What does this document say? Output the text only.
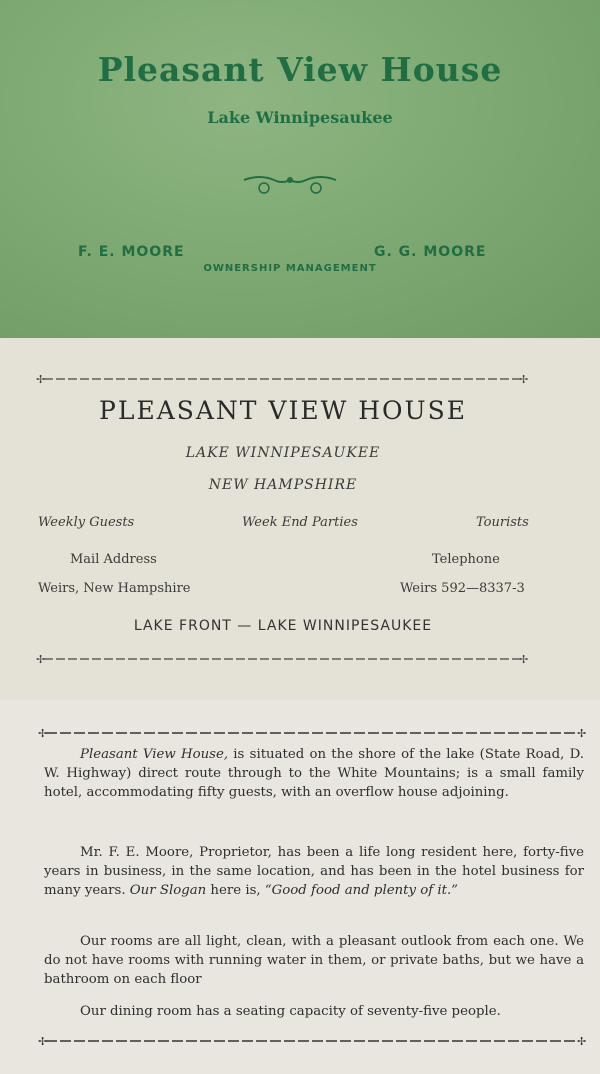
Pleasant View House
Lake Winnipesaukee
F. E. MOORE	G. G. MOORE
OWNERSHIP MANAGEMENT
✢	✢
PLEASANT VIEW HOUSE
LAKE WINNIPESAUKEE
NEW HAMPSHIRE
Weekly Guests	Week End Parties	Tourists
Mail Address
Weirs, New Hampshire
Telephone
Weirs 592—8337-3
LAKE FRONT — LAKE WINNIPESAUKEE
✢	✢
✢	✢

Pleasant View House, is situated on the shore of the lake (State Road, D. W. Highway) direct route through to the White Mountains; is a small family hotel, accommodating fifty guests, with an overflow house adjoining.

Mr. F. E. Moore, Proprietor, has been a life long resident here, forty-five years in business, in the same location, and has been in the hotel business for many years. Our Slogan here is, “Good food and plenty of it.”

Our rooms are all light, clean, with a pleasant outlook from each one. We do not have rooms with running water in them, or private baths, but we have a bathroom on each floor

Our dining room has a seating capacity of seventy-five people.

✢	✢
